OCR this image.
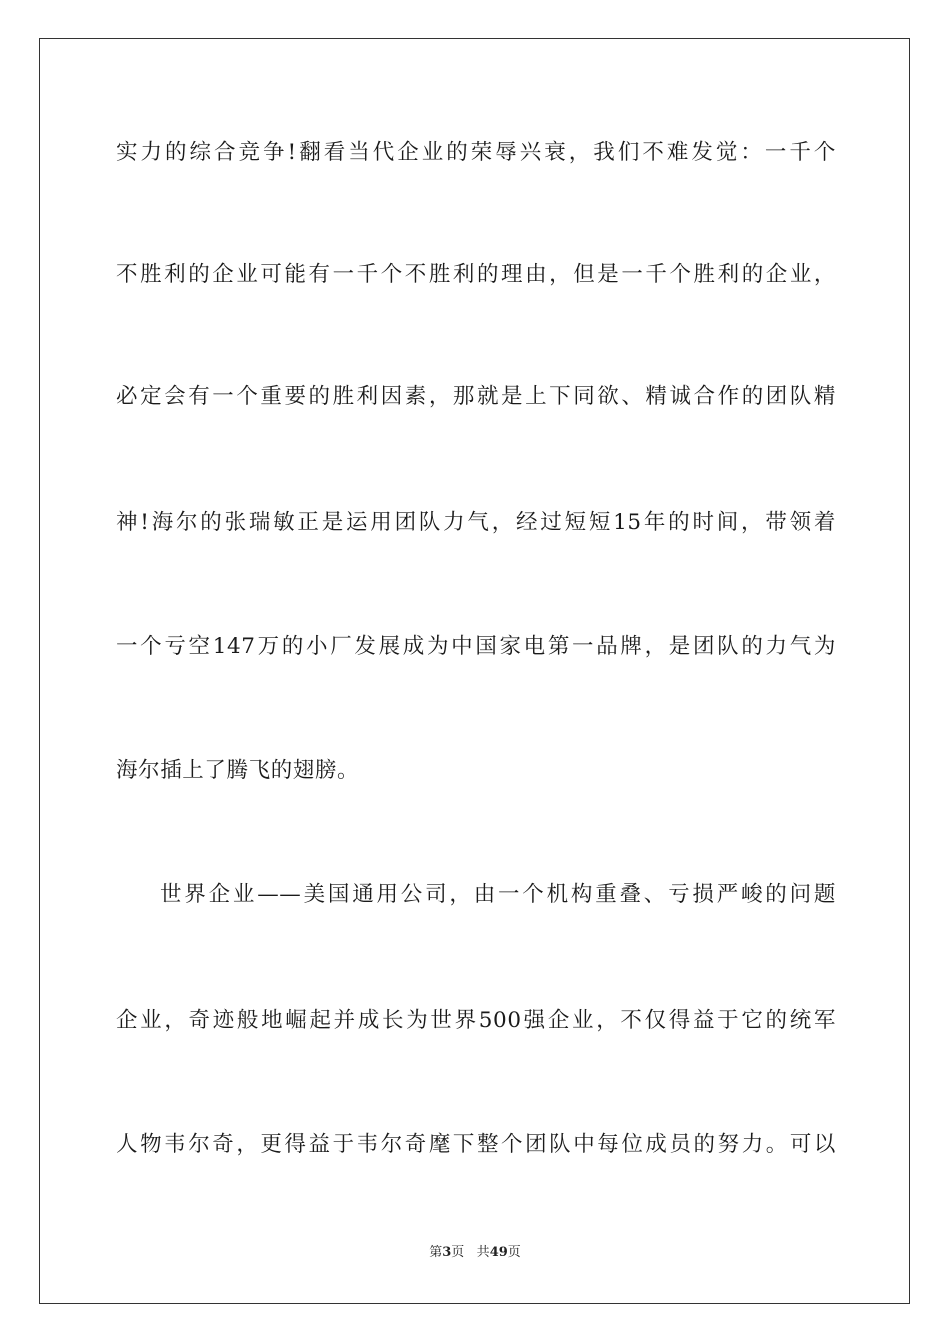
实力的综合竞争!翻看当代企业的荣辱兴衰，我们不难发觉：一千个
不胜利的企业可能有一千个不胜利的理由，但是一千个胜利的企业，
必定会有一个重要的胜利因素，那就是上下同欲、精诚合作的团队精
神!海尔的张瑞敏正是运用团队力气，经过短短15年的时间，带领着
一个亏空147万的小厂发展成为中国家电第一品牌，是团队的力气为
海尔插上了腾飞的翅膀。
世界企业——美国通用公司，由一个机构重叠、亏损严峻的问题
企业，奇迹般地崛起并成长为世界500强企业，不仅得益于它的统军
人物韦尔奇，更得益于韦尔奇麾下整个团队中每位成员的努力。可以
第3页 共49页
